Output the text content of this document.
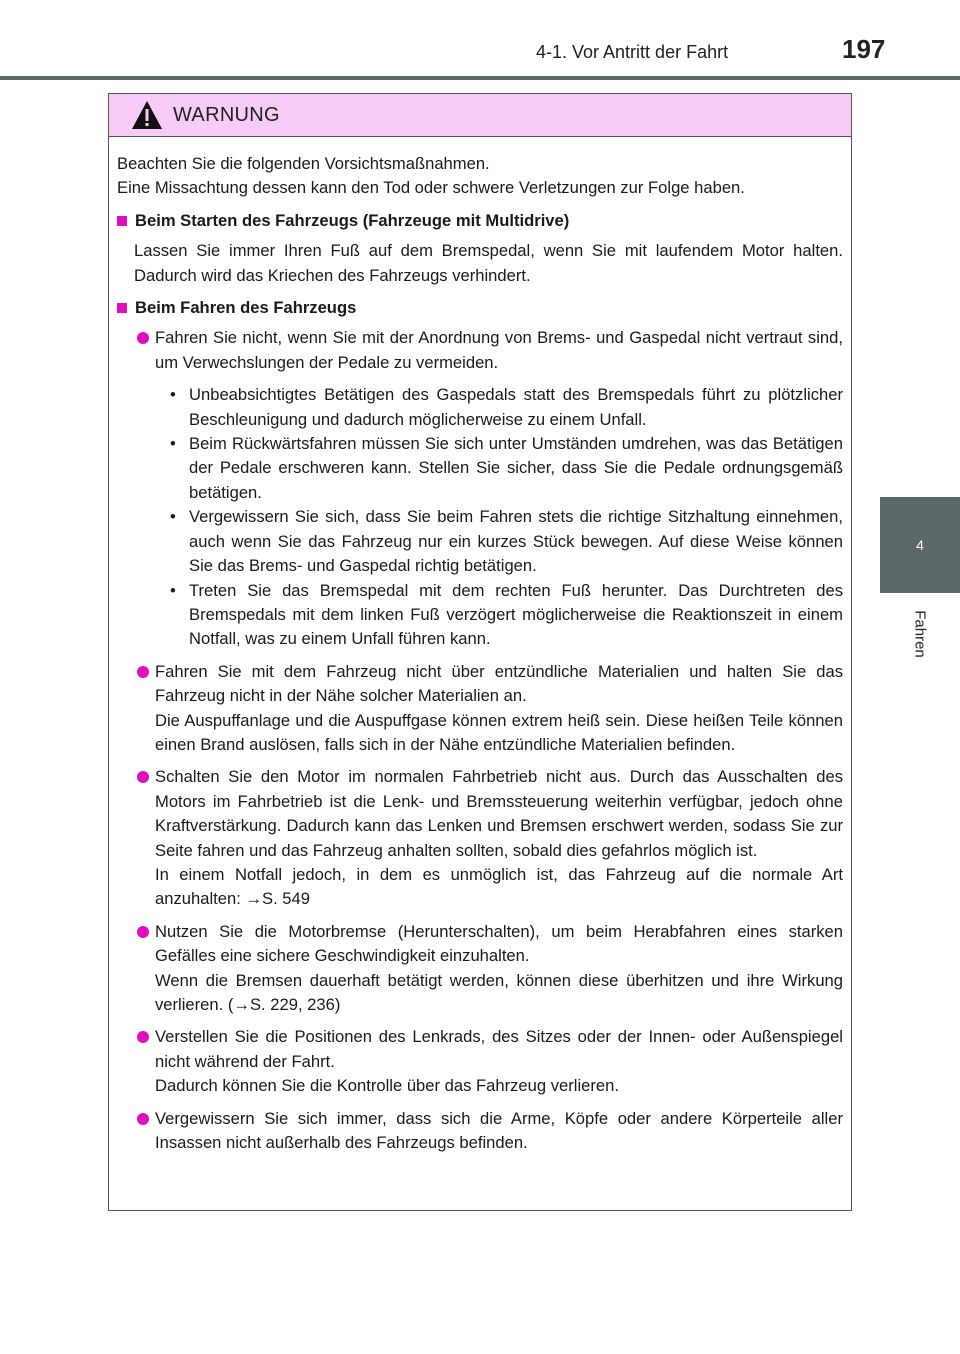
4-1. Vor Antritt der Fahrt	197
4
Fahren
WARNUNG

Beachten Sie die folgenden Vorsichtsmaßnahmen.
Eine Missachtung dessen kann den Tod oder schwere Verletzungen zur Folge haben.

Beim Starten des Fahrzeugs (Fahrzeuge mit Multidrive)

Lassen Sie immer Ihren Fuß auf dem Bremspedal, wenn Sie mit laufendem Motor halten. Dadurch wird das Kriechen des Fahrzeugs verhindert.

Beim Fahren des Fahrzeugs
Fahren Sie nicht, wenn Sie mit der Anordnung von Brems- und Gaspedal nicht vertraut sind, um Verwechslungen der Pedale zu vermeiden.
• Unbeabsichtigtes Betätigen des Gaspedals statt des Bremspedals führt zu plötzlicher Beschleunigung und dadurch möglicherweise zu einem Unfall.
• Beim Rückwärtsfahren müssen Sie sich unter Umständen umdrehen, was das Betätigen der Pedale erschweren kann. Stellen Sie sicher, dass Sie die Pedale ordnungsgemäß betätigen.
• Vergewissern Sie sich, dass Sie beim Fahren stets die richtige Sitzhaltung einnehmen, auch wenn Sie das Fahrzeug nur ein kurzes Stück bewegen. Auf diese Weise können Sie das Brems- und Gaspedal richtig betätigen.
• Treten Sie das Bremspedal mit dem rechten Fuß herunter. Das Durchtreten des Bremspedals mit dem linken Fuß verzögert möglicherweise die Reaktionszeit in einem Notfall, was zu einem Unfall führen kann.
Fahren Sie mit dem Fahrzeug nicht über entzündliche Materialien und halten Sie das Fahrzeug nicht in der Nähe solcher Materialien an.
Die Auspuffanlage und die Auspuffgase können extrem heiß sein. Diese heißen Teile können einen Brand auslösen, falls sich in der Nähe entzündliche Materialien befinden.
Schalten Sie den Motor im normalen Fahrbetrieb nicht aus. Durch das Ausschalten des Motors im Fahrbetrieb ist die Lenk- und Bremssteuerung weiterhin verfügbar, jedoch ohne Kraftverstärkung. Dadurch kann das Lenken und Bremsen erschwert werden, sodass Sie zur Seite fahren und das Fahrzeug anhalten sollten, sobald dies gefahrlos möglich ist.
In einem Notfall jedoch, in dem es unmöglich ist, das Fahrzeug auf die normale Art anzuhalten: →S. 549
Nutzen Sie die Motorbremse (Herunterschalten), um beim Herabfahren eines starken Gefälles eine sichere Geschwindigkeit einzuhalten.
Wenn die Bremsen dauerhaft betätigt werden, können diese überhitzen und ihre Wirkung verlieren. (→S. 229, 236)
Verstellen Sie die Positionen des Lenkrads, des Sitzes oder der Innen- oder Außenspiegel nicht während der Fahrt.
Dadurch können Sie die Kontrolle über das Fahrzeug verlieren.
Vergewissern Sie sich immer, dass sich die Arme, Köpfe oder andere Körperteile aller Insassen nicht außerhalb des Fahrzeugs befinden.
